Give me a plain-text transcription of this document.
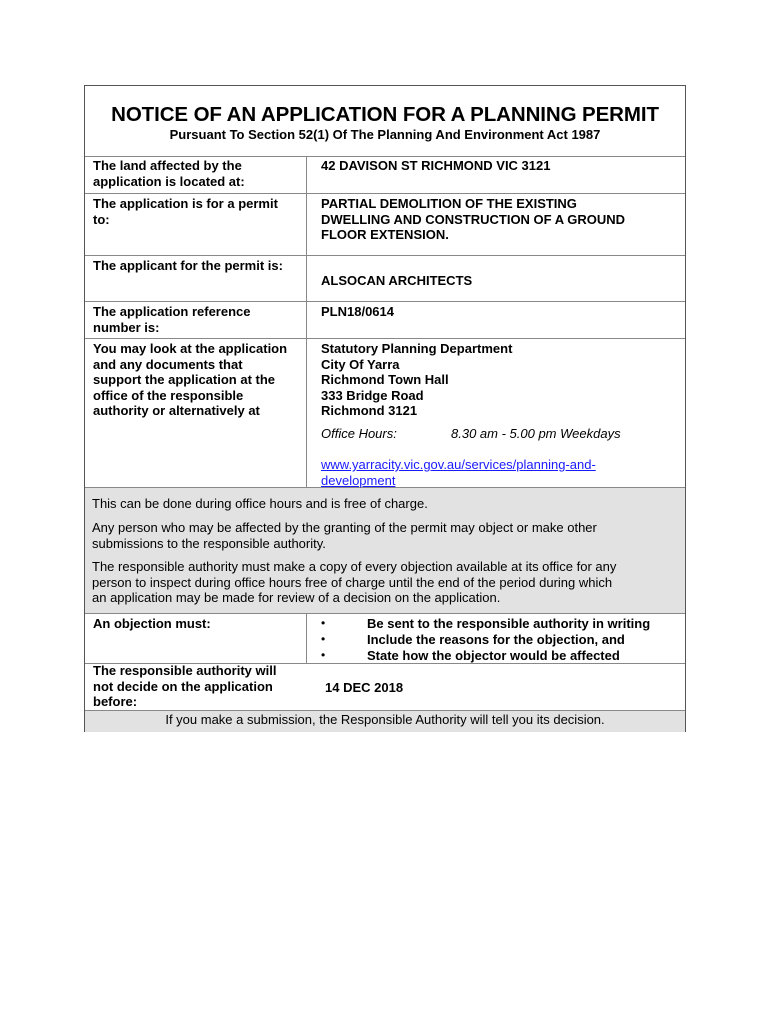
NOTICE OF AN APPLICATION FOR A PLANNING PERMIT
Pursuant To Section 52(1) Of The Planning And Environment Act 1987
The land affected by the
application is located at:
42 DAVISON ST RICHMOND VIC 3121
The application is for a permit
to:
PARTIAL DEMOLITION OF THE EXISTING
DWELLING AND CONSTRUCTION OF A GROUND
FLOOR EXTENSION.
The applicant for the permit is:
ALSOCAN ARCHITECTS
The application reference
number is:
PLN18/0614
You may look at the application
and any documents that
support the application at the
office of the responsible
authority or alternatively at
Statutory Planning Department
City Of Yarra
Richmond Town Hall
333 Bridge Road
Richmond 3121
Office Hours:	8.30 am - 5.00 pm Weekdays
www.yarracity.vic.gov.au/services/planning-and-
development
This can be done during office hours and is free of charge.
Any person who may be affected by the granting of the permit may object or make other
submissions to the responsible authority.
The responsible authority must make a copy of every objection available at its office for any
person to inspect during office hours free of charge until the end of the period during which
an application may be made for review of a decision on the application.
An objection must:	•
•
•
Be sent to the responsible authority in writing
Include the reasons for the objection, and
State how the objector would be affected
The responsible authority will
not decide on the application
before:
14 DEC 2018
If you make a submission, the Responsible Authority will tell you its decision.
